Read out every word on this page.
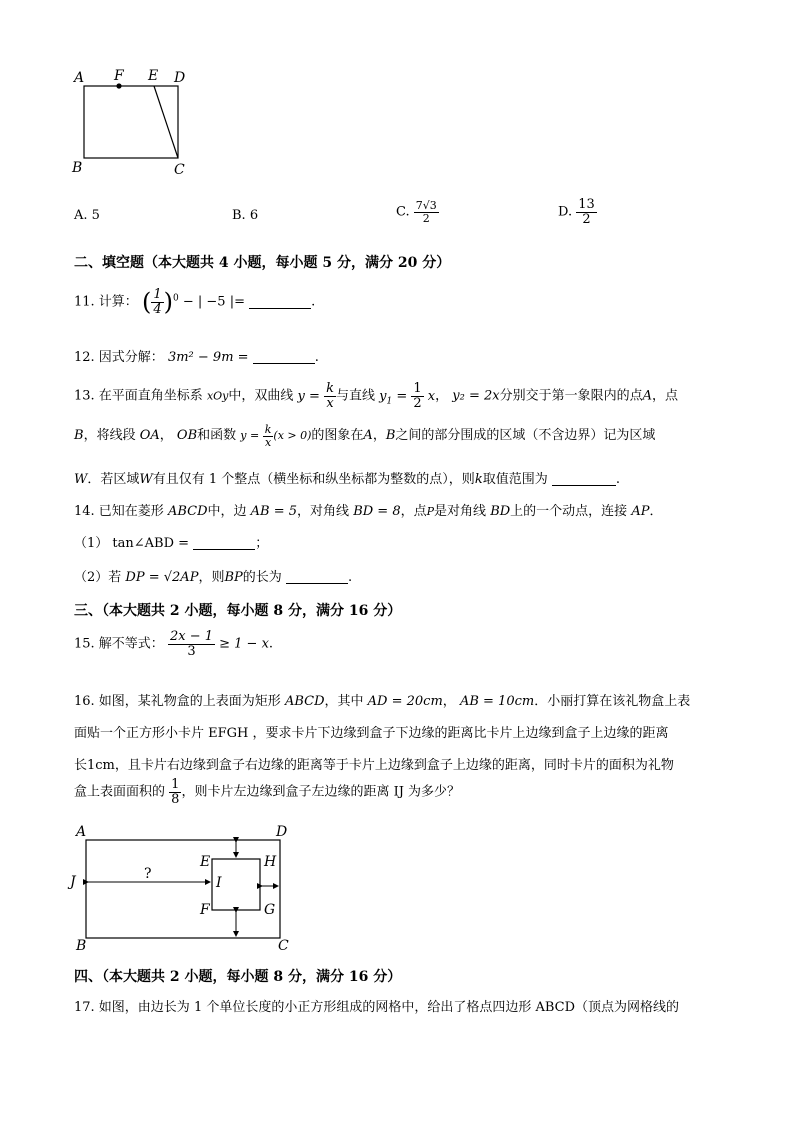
A F E D
B	C
A. 5	B. 6	C. $\frac{7√3}{2}$	D. $\frac{13}{2}$
二、填空题（本大题共 4 小题，每小题 5 分，满分 20 分）
11. 计算： ( $\frac{1}{4} )^0$ − | −5 |=	.
12. 因式分解： 3m² − 9m =	.
13. 在平面直角坐标系 xOy中，双曲线 $y = \frac{k}{x}$ 与直线 $y_1 = \frac{1}{2}$ x， y₂ = 2x分别交于第一象限内的点A，点
B，将线段 OA， OB和函数 $y = \frac{k}{x} (x > 0)$的图象在A，B之间的部分围成的区域（不含边界）记为区域
W．若区域W有且仅有 1 个整点（横坐标和纵坐标都为整数的点），则k取值范围为	.
14. 已知在菱形 ABCD中，边 AB = 5，对角线 BD = 8，点P是对角线 BD上的一个动点，连接 AP．
（1） tan∠ABD =	；
（2）若 DP = √2AP，则BP的长为	.
三、（本大题共 2 小题，每小题 8 分，满分 16 分）
15. 解不等式： $\frac{2x - 1}{3} \ge 1 - x$.
16. 如图，某礼物盒的上表面为矩形 ABCD，其中 AD = 20cm， AB = 10cm．小丽打算在该礼物盒上表
面贴一个正方形小卡片 EFGH ，要求卡片下边缘到盒子下边缘的距离比卡片上边缘到盒子上边缘的距离
长1cm，且卡片右边缘到盒子右边缘的距离等于卡片上边缘到盒子上边缘的距离，同时卡片的面积为礼物
盒上表面面积的 $\frac{1}{8}$ ，则卡片左边缘到盒子左边缘的距离 IJ 为多少？
A	D
E	H
J	?
I
F	G
B	C
四、（本大题共 2 小题，每小题 8 分，满分 16 分）
17. 如图，由边长为 1 个单位长度的小正方形组成的网格中，给出了格点四边形 ABCD（顶点为网格线的
